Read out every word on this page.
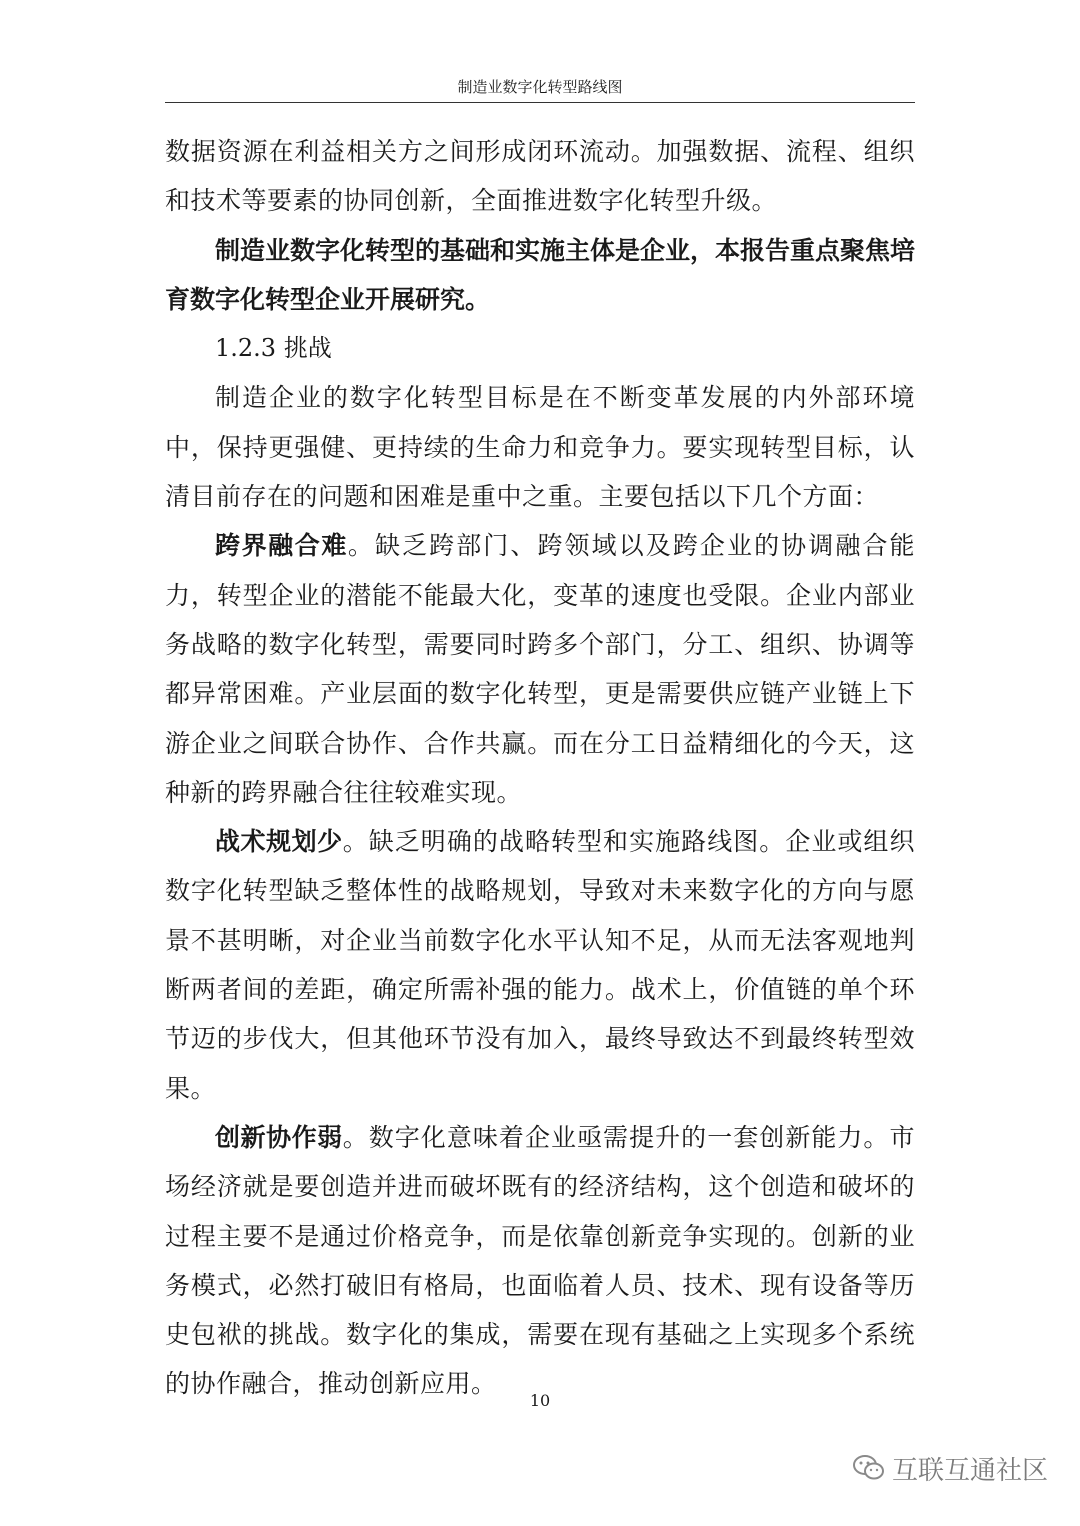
制造业数字化转型路线图

数据资源在利益相关方之间形成闭环流动。加强数据、流程、组织和技术等要素的协同创新，全面推进数字化转型升级。

制造业数字化转型的基础和实施主体是企业，本报告重点聚焦培育数字化转型企业开展研究。

1.2.3 挑战

制造企业的数字化转型目标是在不断变革发展的内外部环境中，保持更强健、更持续的生命力和竞争力。要实现转型目标，认清目前存在的问题和困难是重中之重。主要包括以下几个方面：

跨界融合难。缺乏跨部门、跨领域以及跨企业的协调融合能力，转型企业的潜能不能最大化，变革的速度也受限。企业内部业务战略的数字化转型，需要同时跨多个部门，分工、组织、协调等都异常困难。产业层面的数字化转型，更是需要供应链产业链上下游企业之间联合协作、合作共赢。而在分工日益精细化的今天，这种新的跨界融合往往较难实现。

战术规划少。缺乏明确的战略转型和实施路线图。企业或组织数字化转型缺乏整体性的战略规划，导致对未来数字化的方向与愿景不甚明晰，对企业当前数字化水平认知不足，从而无法客观地判断两者间的差距，确定所需补强的能力。战术上，价值链的单个环节迈的步伐大，但其他环节没有加入，最终导致达不到最终转型效果。

创新协作弱。数字化意味着企业亟需提升的一套创新能力。市场经济就是要创造并进而破坏既有的经济结构，这个创造和破坏的过程主要不是通过价格竞争，而是依靠创新竞争实现的。创新的业务模式，必然打破旧有格局，也面临着人员、技术、现有设备等历史包袱的挑战。数字化的集成，需要在现有基础之上实现多个系统的协作融合，推动创新应用。

10
互联互通社区
